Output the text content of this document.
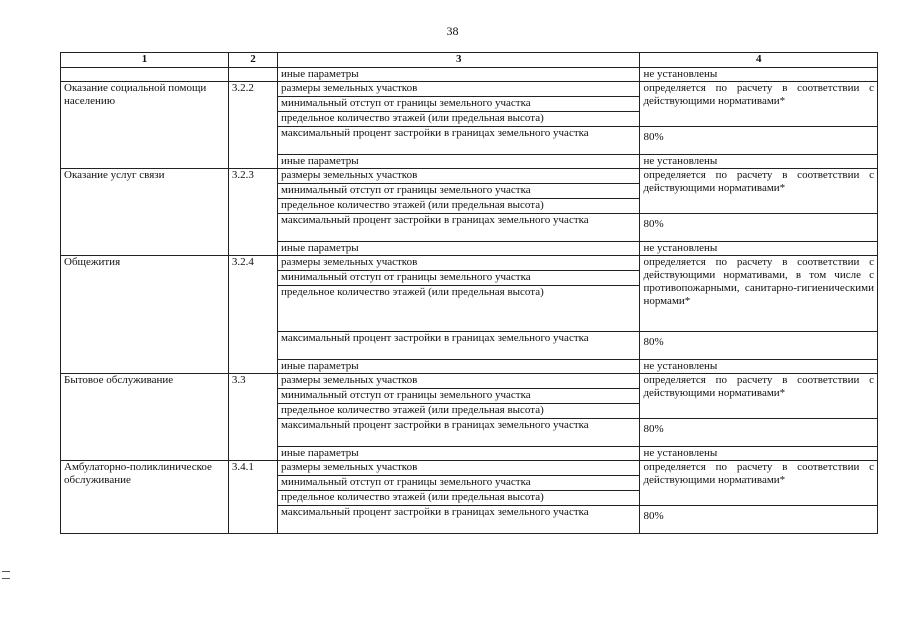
38
1	2	3	4
		иные параметры	не установлены
Оказание социальной помощи населению	3.2.2	размеры земельных участков	определяется по расчету в соответствии с действующими нормативами*
		минимальный отступ от границы земельного участка	
		предельное количество этажей (или предельная высота)	
		максимальный процент застройки в границах земельного участка	80%

		иные параметры	не установлены
Оказание услуг связи	3.2.3	размеры земельных участков	определяется по расчету в соответствии с действующими нормативами*
		минимальный отступ от границы земельного участка	
		предельное количество этажей (или предельная высота)	
		максимальный процент застройки в границах земельного участка	80%

		иные параметры	не установлены
Общежития	3.2.4	размеры земельных участков	определяется по расчету в соответствии с действующими нормативами, в том числе с противопожарными, санитарно-гигиеническими нормами*
		минимальный отступ от границы земельного участка	
		предельное количество этажей (или предельная высота)	
		максимальный процент застройки в границах земельного участка	80%

		иные параметры	не установлены
Бытовое обслуживание	3.3	размеры земельных участков	определяется по расчету в соответствии с действующими нормативами*
		минимальный отступ от границы земельного участка	
		предельное количество этажей (или предельная высота)	
		максимальный процент застройки в границах земельного участка	80%

		иные параметры	не установлены
Амбулаторно-поликлиническое обслуживание	3.4.1	размеры земельных участков	определяется по расчету в соответствии с действующими нормативами*
		минимальный отступ от границы земельного участка	
		предельное количество этажей (или предельная высота)	
		максимальный процент застройки в границах земельного участка	80%
